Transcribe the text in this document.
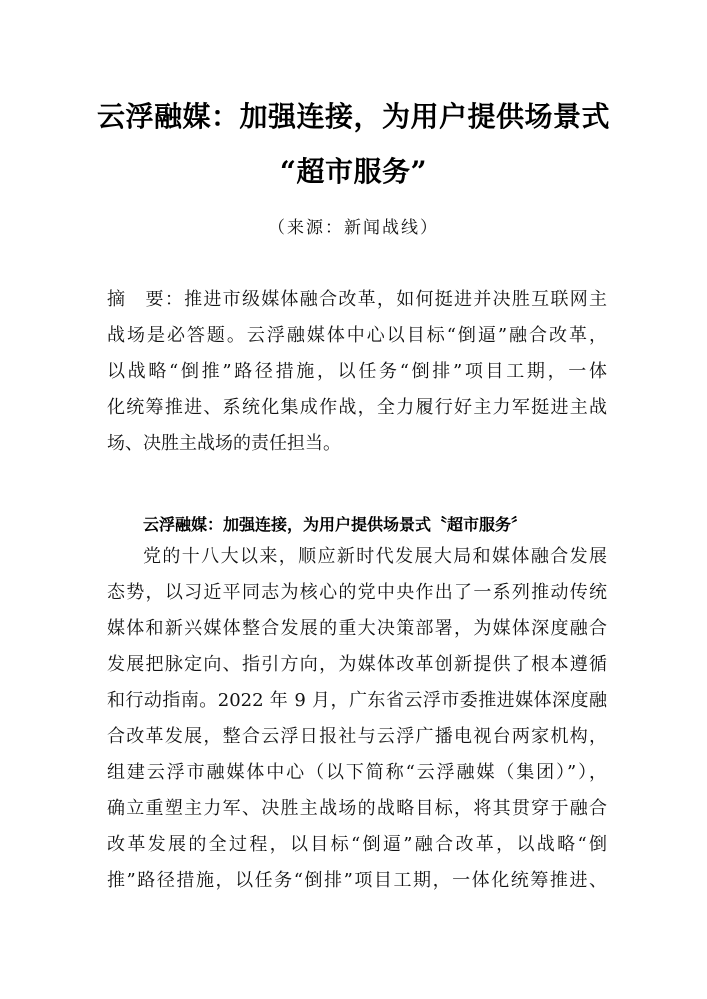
云浮融媒：加强连接，为用户提供场景式
“超市服务”
（来源：新闻战线）
摘　要：推进市级媒体融合改革，如何挺进并决胜互联网主
战场是必答题。云浮融媒体中心以目标“倒逼”融合改革，
以战略“倒推”路径措施，以任务“倒排”项目工期，一体
化统筹推进、系统化集成作战，全力履行好主力军挺进主战
场、决胜主战场的责任担当。
云浮融媒：加强连接，为用户提供场景式〝超市服务〞
党的十八大以来，顺应新时代发展大局和媒体融合发展
态势，以习近平同志为核心的党中央作出了一系列推动传统
媒体和新兴媒体整合发展的重大决策部署，为媒体深度融合
发展把脉定向、指引方向，为媒体改革创新提供了根本遵循
和行动指南。2022 年 9 月，广东省云浮市委推进媒体深度融
合改革发展，整合云浮日报社与云浮广播电视台两家机构，
组建云浮市融媒体中心（以下简称“云浮融媒（集团）”），
确立重塑主力军、决胜主战场的战略目标，将其贯穿于融合
改革发展的全过程，以目标“倒逼”融合改革，以战略“倒
推”路径措施，以任务“倒排”项目工期，一体化统筹推进、
